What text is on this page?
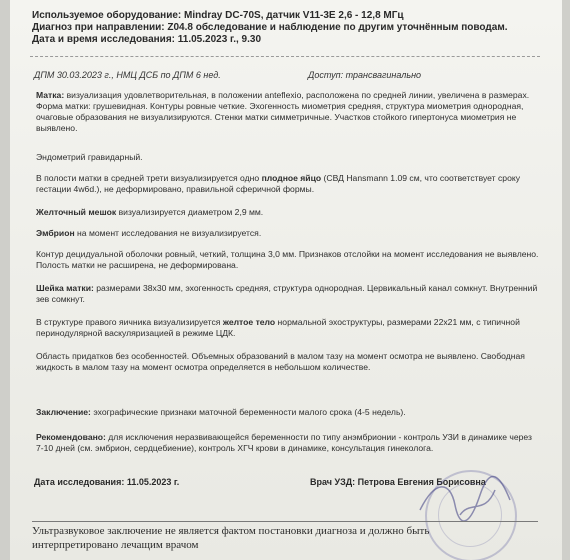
Используемое оборудование: Mindray DC-70S, датчик V11-3E 2,6 - 12,8 МГц
Диагноз при направлении: Z04.8 обследование и наблюдение по другим уточнённым поводам.
Дата и время исследования: 11.05.2023 г., 9.30
ДПМ 30.03.2023 г., НМЦ ДСБ по ДПМ 6 нед.	Доступ: трансвагинально

Матка: визуализация удовлетворительная, в положении anteflexio, расположена по средней линии, увеличена в размерах. Форма матки: грушевидная. Контуры ровные четкие. Эхогенность миометрия средняя, структура миометрия однородная, очаговые образования не визуализируются. Стенки матки симметричные. Участков стойкого гипертонуса миометрия не выявлено.

Эндометрий гравидарный.

В полости матки в средней трети визуализируется одно плодное яйцо (СВД Hansmann 1.09 см, что соответствует сроку гестации 4w6d.), не деформировано, правильной сферичной формы.

Желточный мешок визуализируется диаметром 2,9 мм.

Эмбрион на момент исследования не визуализируется.

Контур децидуальной оболочки ровный, четкий, толщина 3,0 мм. Признаков отслойки на момент исследования не выявлено. Полость матки не расширена, не деформирована.

Шейка матки: размерами 38х30 мм, эхогенность средняя, структура однородная. Цервикальный канал сомкнут. Внутренний зев сомкнут.

В структуре правого яичника визуализируется желтое тело нормальной эхоструктуры, размерами 22х21 мм, с типичной перинодулярной васкуляризацией в режиме ЦДК.

Область придатков без особенностей. Объемных образований в малом тазу на момент осмотра не выявлено. Свободная жидкость в малом тазу на момент осмотра определяется в небольшом количестве.

Заключение: эхографические признаки маточной беременности малого срока (4-5 недель).

Рекомендовано: для исключения неразвивающейся беременности по типу анэмбрионии - контроль УЗИ в динамике через 7-10 дней (см. эмбрион, сердцебиение), контроль ХГЧ крови в динамике, консультация гинеколога.

Дата исследования: 11.05.2023 г.	Врач УЗД: Петрова Евгения Борисовна
Ультразвуковое заключение не является фактом постановки диагноза и должно быть интерпретировано лечащим врачом
